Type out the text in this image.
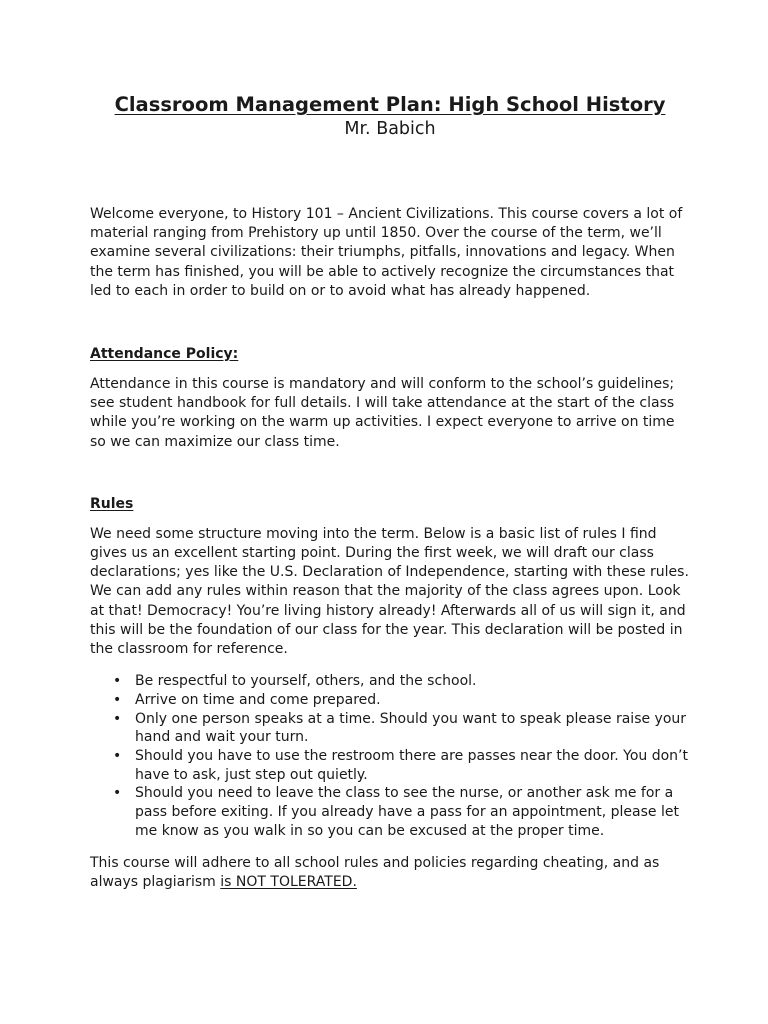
Classroom Management Plan: High School History
Mr. Babich

Welcome everyone, to History 101 – Ancient Civilizations. This course covers a lot of material ranging from Prehistory up until 1850. Over the course of the term, we’ll examine several civilizations: their triumphs, pitfalls, innovations and legacy. When the term has finished, you will be able to actively recognize the circumstances that led to each in order to build on or to avoid what has already happened.

Attendance Policy:

Attendance in this course is mandatory and will conform to the school’s guidelines; see student handbook for full details. I will take attendance at the start of the class while you’re working on the warm up activities. I expect everyone to arrive on time so we can maximize our class time.

Rules

We need some structure moving into the term. Below is a basic list of rules I find gives us an excellent starting point. During the first week, we will draft our class declarations; yes like the U.S. Declaration of Independence, starting with these rules. We can add any rules within reason that the majority of the class agrees upon. Look at that! Democracy! You’re living history already! Afterwards all of us will sign it, and this will be the foundation of our class for the year. This declaration will be posted in the classroom for reference.

• Be respectful to yourself, others, and the school.
• Arrive on time and come prepared.
• Only one person speaks at a time. Should you want to speak please raise your hand and wait your turn.
• Should you have to use the restroom there are passes near the door. You don’t have to ask, just step out quietly.
• Should you need to leave the class to see the nurse, or another ask me for a pass before exiting. If you already have a pass for an appointment, please let me know as you walk in so you can be excused at the proper time.

This course will adhere to all school rules and policies regarding cheating, and as always plagiarism is NOT TOLERATED.
